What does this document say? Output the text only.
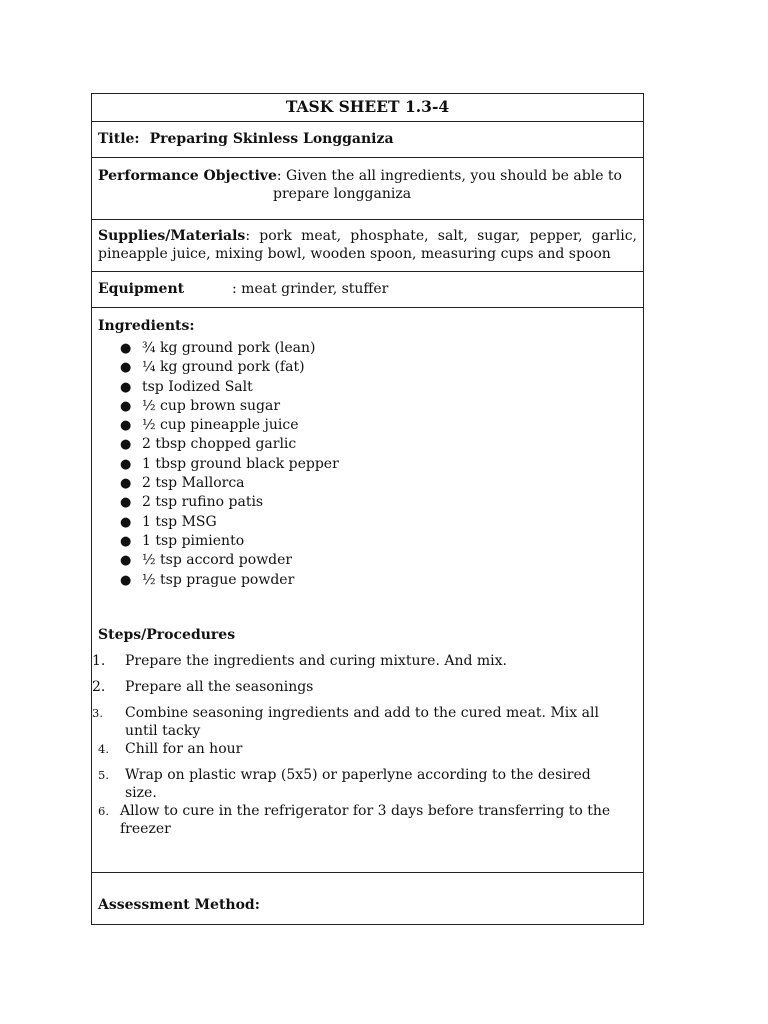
TASK SHEET 1.3-4
Title: Preparing Skinless Longganiza
Performance Objective: Given the all ingredients, you should be able to
prepare longganiza
Supplies/Materials: pork meat, phosphate, salt, sugar, pepper, garlic, pineapple juice, mixing bowl, wooden spoon, measuring cups and spoon
Equipment	: meat grinder, stuffer
Ingredients:
● ¾ kg ground pork (lean)
● ¼ kg ground pork (fat)
● tsp Iodized Salt
● ½ cup brown sugar
● ½ cup pineapple juice
● 2 tbsp chopped garlic
● 1 tbsp ground black pepper
● 2 tsp Mallorca
● 2 tsp rufino patis
● 1 tsp MSG
● 1 tsp pimiento
● ½ tsp accord powder
● ½ tsp prague powder
Steps/Procedures
1. Prepare the ingredients and curing mixture. And mix.
2. Prepare all the seasonings
3. Combine seasoning ingredients and add to the cured meat. Mix all until tacky
4. Chill for an hour
5. Wrap on plastic wrap (5x5) or paperlyne according to the desired size.
6. Allow to cure in the refrigerator for 3 days before transferring to the freezer
Assessment Method:
